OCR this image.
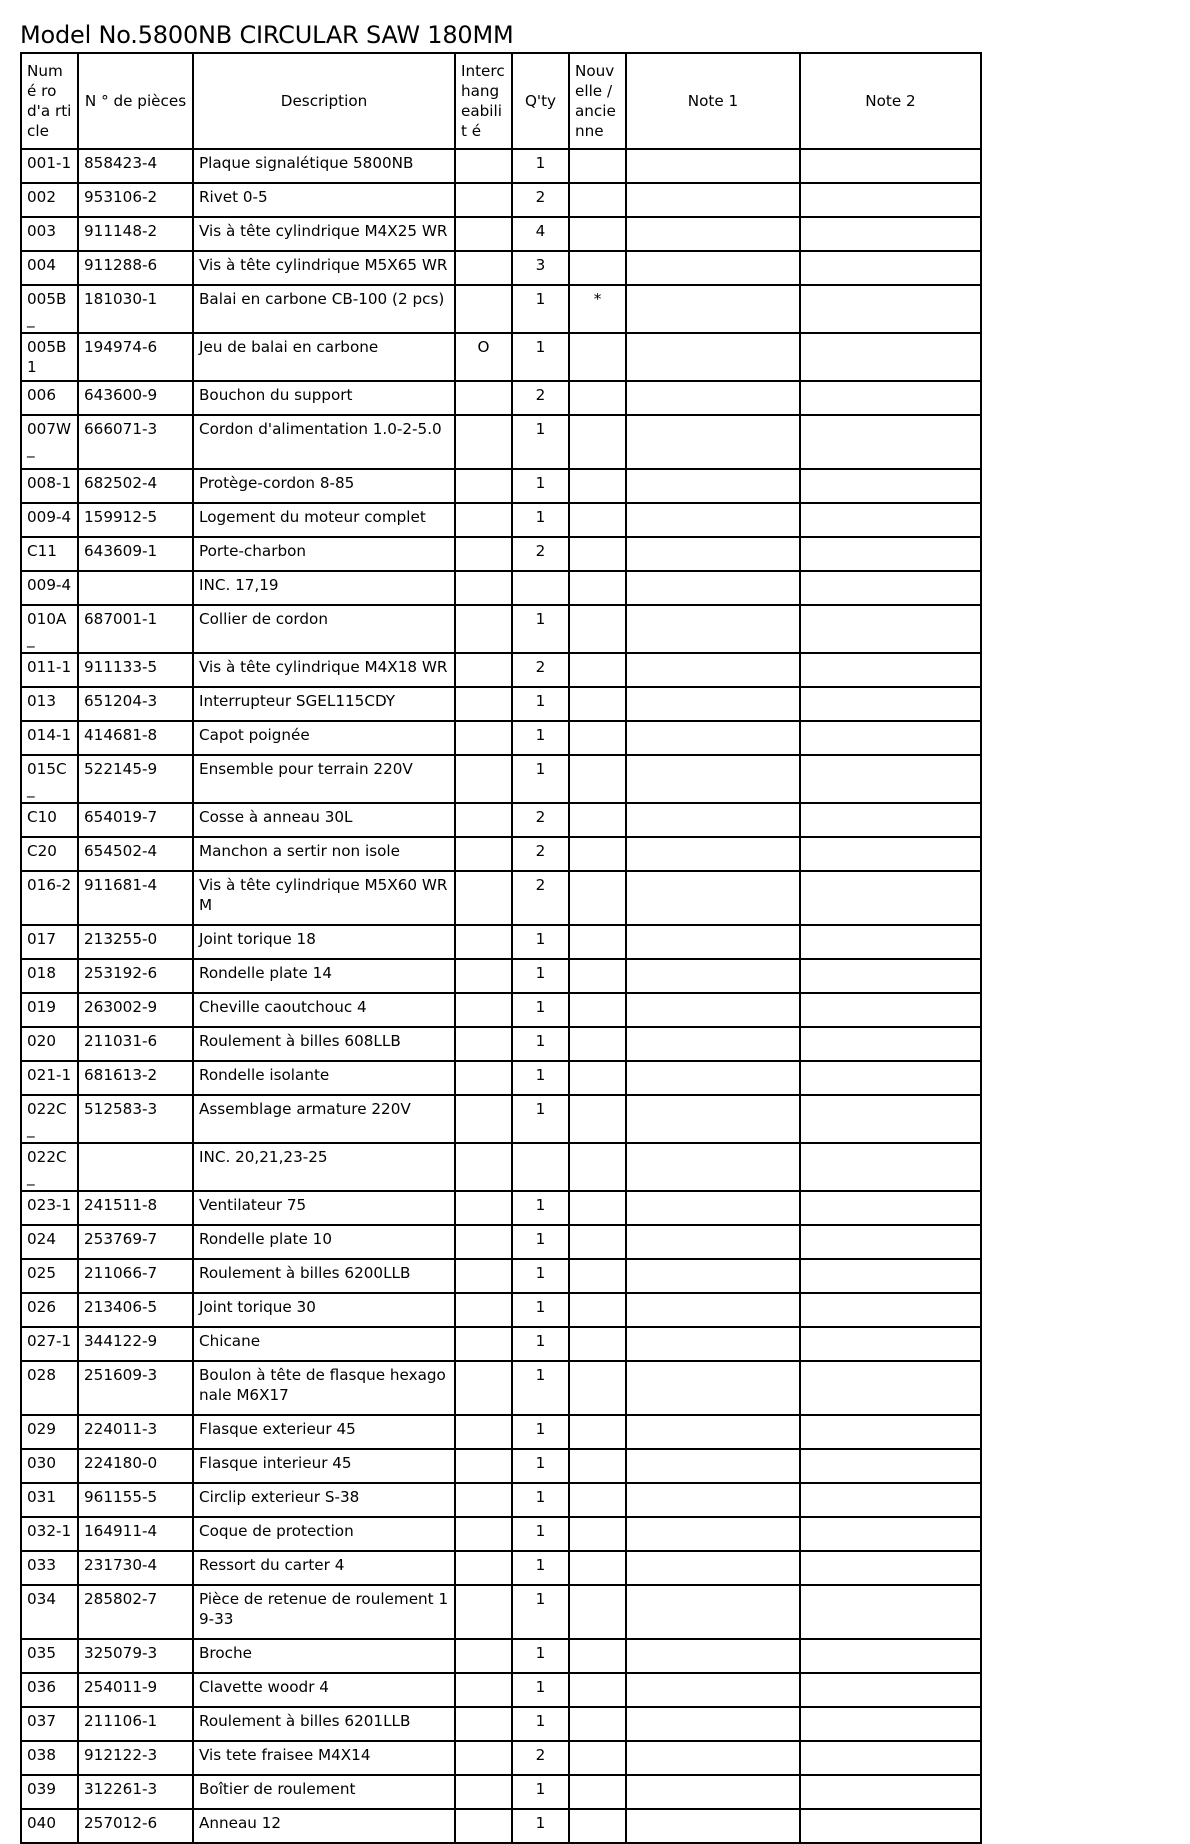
Model No.5800NB CIRCULAR SAW 180MM
Numé ro d'a rticle	N ° de pièces	Description	Interc hang eabilit é	Q'ty	Nouv elle / ancie nne	Note 1	Note 2
001-1	858423-4	Plaque signalétique 5800NB		1			
002	953106-2	Rivet 0-5		2			
003	911148-2	Vis à tête cylindrique M4X25 WR		4			
004	911288-6	Vis à tête cylindrique M5X65 WR		3			
005B_	181030-1	Balai en carbone CB-100 (2 pcs)		1	*		
005B1	194974-6	Jeu de balai en carbone	O	1			
006	643600-9	Bouchon du support		2			
007W_	666071-3	Cordon d'alimentation 1.0-2-5.0		1			
008-1	682502-4	Protège-cordon 8-85		1			
009-4	159912-5	Logement du moteur complet		1			
C11	643609-1	Porte-charbon		2			
009-4		INC. 17,19					
010A_	687001-1	Collier de cordon		1			
011-1	911133-5	Vis à tête cylindrique M4X18 WR		2			
013	651204-3	Interrupteur SGEL115CDY		1			
014-1	414681-8	Capot poignée		1			
015C_	522145-9	Ensemble pour terrain 220V		1			
C10	654019-7	Cosse à anneau 30L		2			
C20	654502-4	Manchon a sertir non isole		2			
016-2	911681-4	Vis à tête cylindrique M5X60 WR M		2			
017	213255-0	Joint torique 18		1			
018	253192-6	Rondelle plate 14		1			
019	263002-9	Cheville caoutchouc 4		1			
020	211031-6	Roulement à billes 608LLB		1			
021-1	681613-2	Rondelle isolante		1			
022C_	512583-3	Assemblage armature 220V		1			
022C_		INC. 20,21,23-25					
023-1	241511-8	Ventilateur 75		1			
024	253769-7	Rondelle plate 10		1			
025	211066-7	Roulement à billes 6200LLB		1			
026	213406-5	Joint torique 30		1			
027-1	344122-9	Chicane		1			
028	251609-3	Boulon à tête de flasque hexago nale M6X17		1			
029	224011-3	Flasque exterieur 45		1			
030	224180-0	Flasque interieur 45		1			
031	961155-5	Circlip exterieur S-38		1			
032-1	164911-4	Coque de protection		1			
033	231730-4	Ressort du carter 4		1			
034	285802-7	Pièce de retenue de roulement 1 9-33		1			
035	325079-3	Broche		1			
036	254011-9	Clavette woodr 4		1			
037	211106-1	Roulement à billes 6201LLB		1			
038	912122-3	Vis tete fraisee M4X14		2			
039	312261-3	Boîtier de roulement		1			
040	257012-6	Anneau 12		1			
